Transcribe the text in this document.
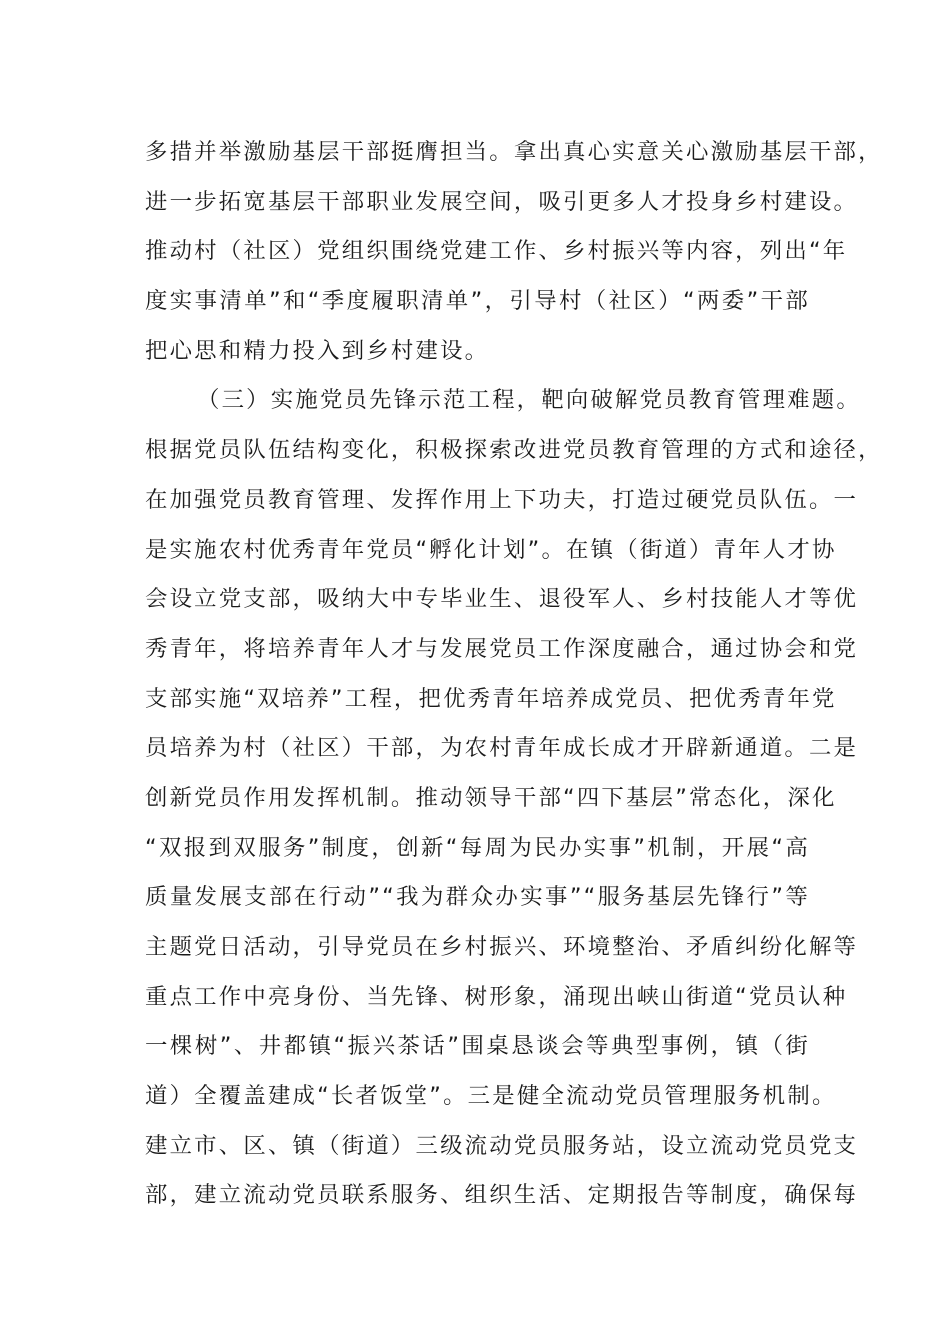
多措并举激励基层干部挺膺担当。拿出真心实意关心激励基层干部，
进一步拓宽基层干部职业发展空间，吸引更多人才投身乡村建设。
推动村（社区）党组织围绕党建工作、乡村振兴等内容，列出“年
度实事清单”和“季度履职清单”，引导村（社区）“两委”干部
把心思和精力投入到乡村建设。
（三）实施党员先锋示范工程，靶向破解党员教育管理难题。
根据党员队伍结构变化，积极探索改进党员教育管理的方式和途径，
在加强党员教育管理、发挥作用上下功夫，打造过硬党员队伍。一
是实施农村优秀青年党员“孵化计划”。在镇（街道）青年人才协
会设立党支部，吸纳大中专毕业生、退役军人、乡村技能人才等优
秀青年，将培养青年人才与发展党员工作深度融合，通过协会和党
支部实施“双培养”工程，把优秀青年培养成党员、把优秀青年党
员培养为村（社区）干部，为农村青年成长成才开辟新通道。二是
创新党员作用发挥机制。推动领导干部“四下基层”常态化，深化
“双报到双服务”制度，创新“每周为民办实事”机制，开展“高
质量发展支部在行动”“我为群众办实事”“服务基层先锋行”等
主题党日活动，引导党员在乡村振兴、环境整治、矛盾纠纷化解等
重点工作中亮身份、当先锋、树形象，涌现出峡山街道“党员认种
一棵树”、井都镇“振兴茶话”围桌恳谈会等典型事例，镇（街
道）全覆盖建成“长者饭堂”。三是健全流动党员管理服务机制。
建立市、区、镇（街道）三级流动党员服务站，设立流动党员党支
部，建立流动党员联系服务、组织生活、定期报告等制度，确保每
